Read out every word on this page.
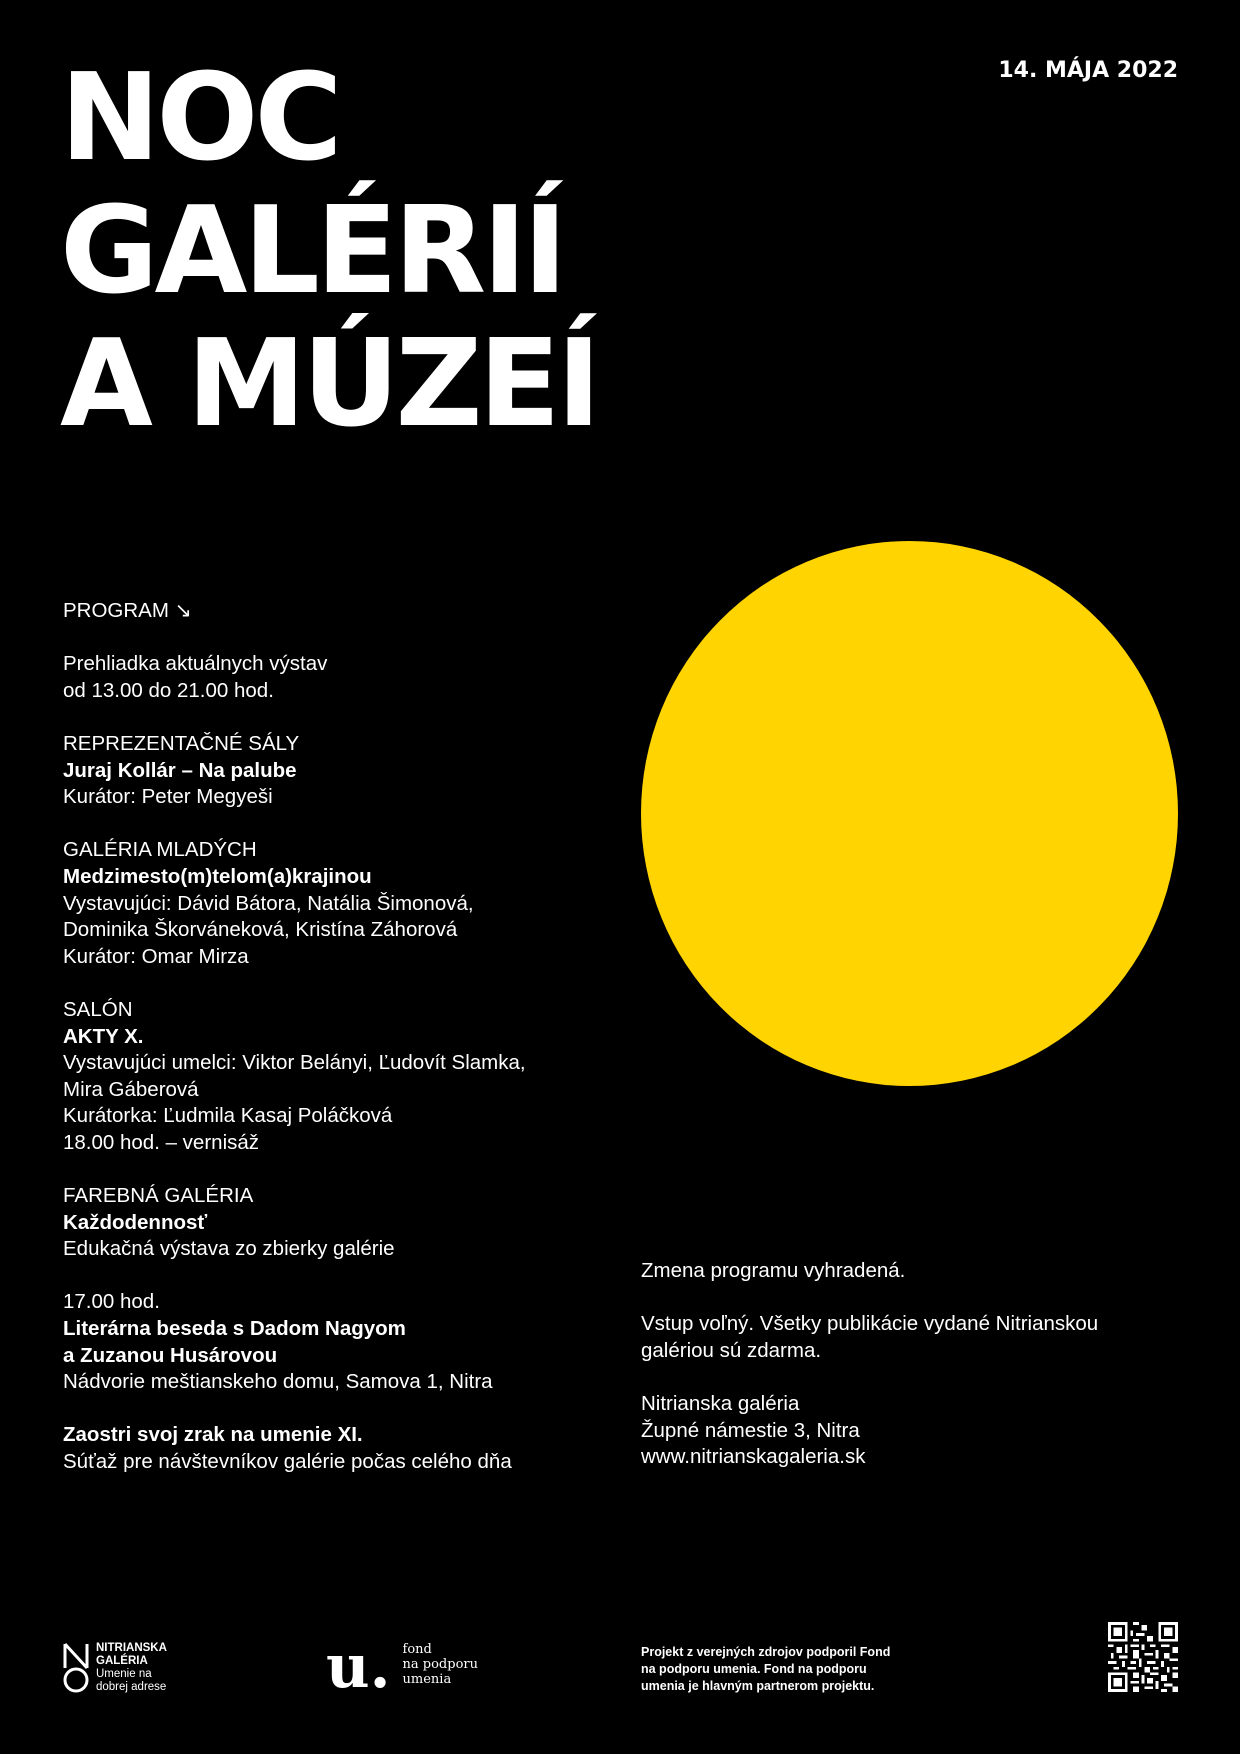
NOC
GALÉRIÍ
A MÚZEÍ
14. MÁJA 2022

PROGRAM ↘

Prehliadka aktuálnych výstav
od 13.00 do 21.00 hod.

REPREZENTAČNÉ SÁLY
Juraj Kollár – Na palube
Kurátor: Peter Megyeši

GALÉRIA MLADÝCH
Medzimesto(m)telom(a)krajinou
Vystavujúci: Dávid Bátora, Natália Šimonová,
Dominika Škorváneková, Kristína Záhorová
Kurátor: Omar Mirza

SALÓN
AKTY X.
Vystavujúci umelci: Viktor Belányi, Ľudovít Slamka,
Mira Gáberová
Kurátorka: Ľudmila Kasaj Poláčková
18.00 hod. – vernisáž

FAREBNÁ GALÉRIA
Každodennosť
Edukačná výstava zo zbierky galérie

17.00 hod.
Literárna beseda s Dadom Nagyom
a Zuzanou Husárovou
Nádvorie meštianskeho domu, Samova 1, Nitra

Zaostri svoj zrak na umenie XI.
Súťaž pre návštevníkov galérie počas celého dňa

Zmena programu vyhradená.

Vstup voľný. Všetky publikácie vydané Nitrianskou
galériou sú zdarma.

Nitrianska galéria
Župné námestie 3, Nitra
www.nitrianskagaleria.sk

NITRIANSKA
GALÉRIA
Umenie na
dobrej adrese	u. fond
na podporu
umenia
Projekt z verejných zdrojov podporil Fond
na podporu umenia. Fond na podporu
umenia je hlavným partnerom projektu.
